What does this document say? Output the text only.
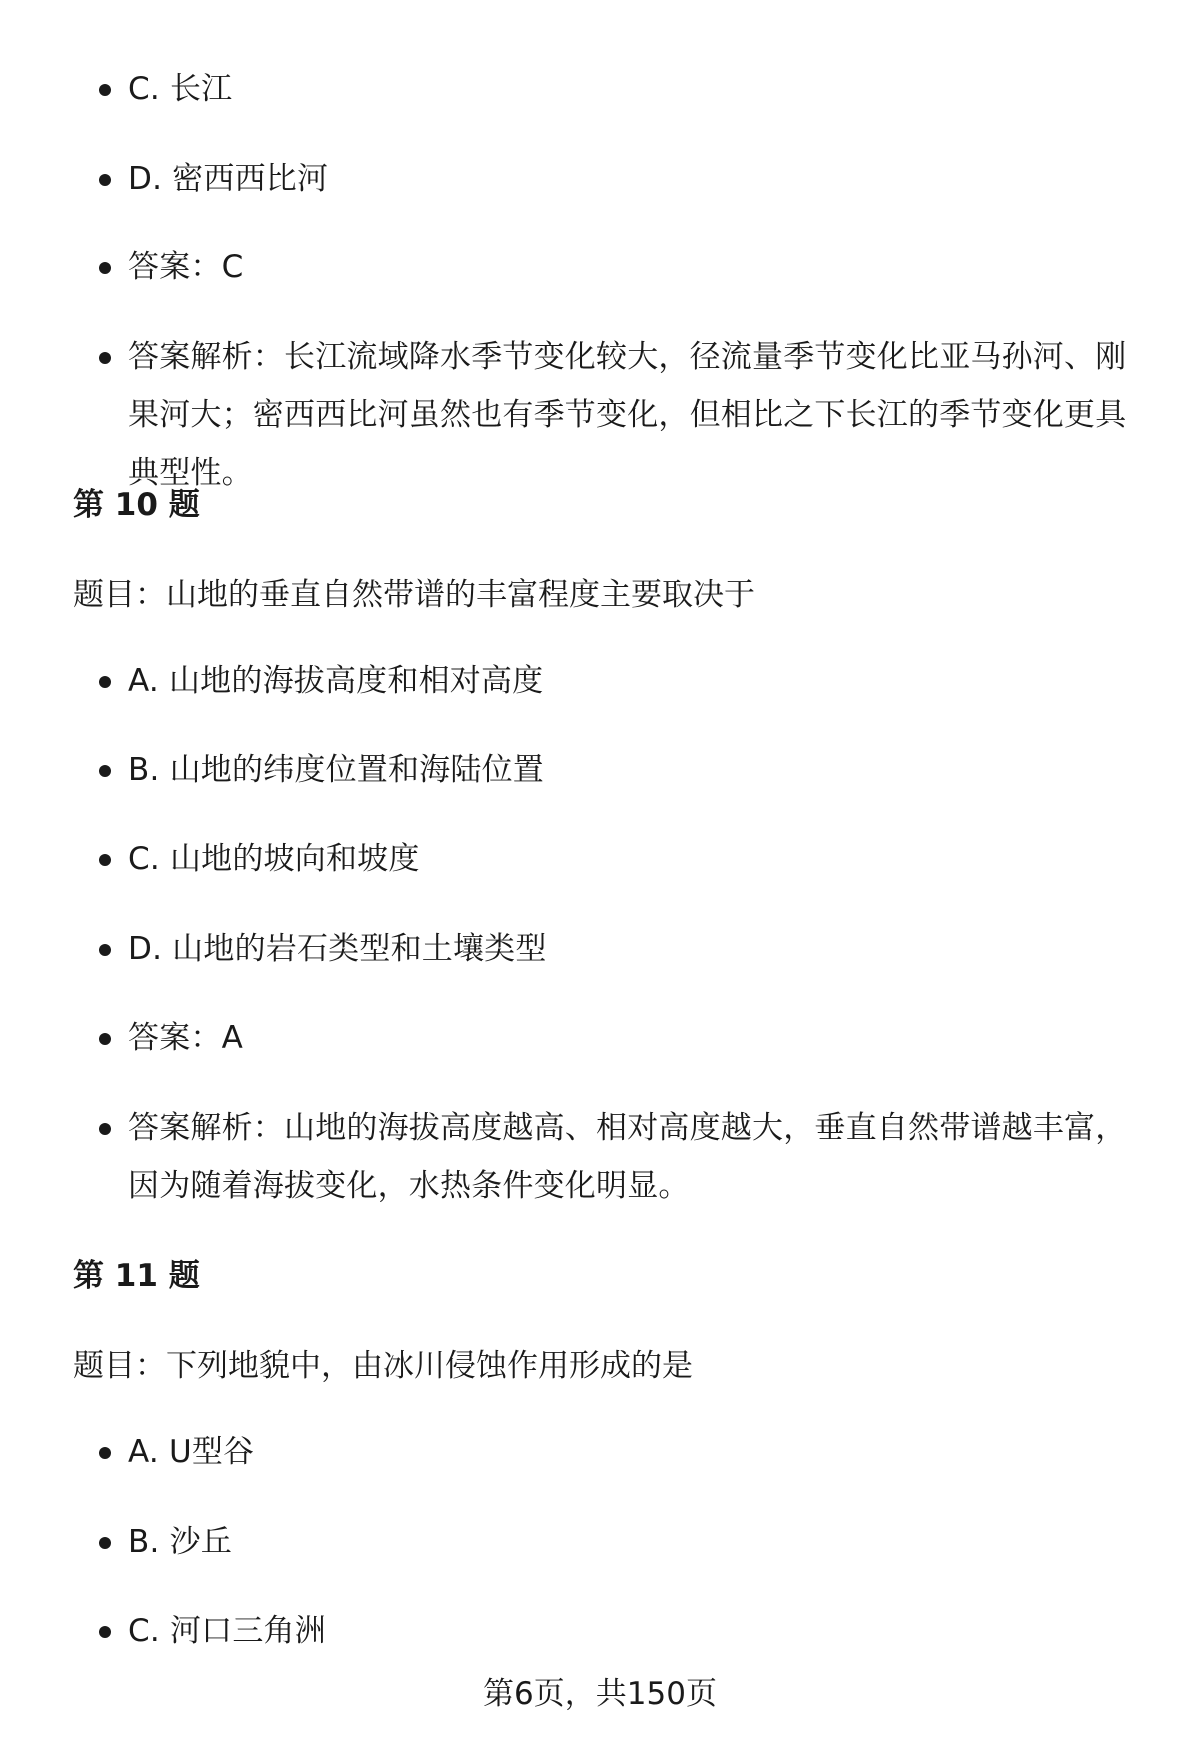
C. 长江
D. 密西西比河
答案：C
答案解析：长江流域降水季节变化较大，径流量季节变化比亚马孙河、刚果河大；密西西比河虽然也有季节变化，但相比之下长江的季节变化更具典型性。
第 10 题

题目：山地的垂直自然带谱的丰富程度主要取决于

A. 山地的海拔高度和相对高度
B. 山地的纬度位置和海陆位置
C. 山地的坡向和坡度
D. 山地的岩石类型和土壤类型
答案：A
答案解析：山地的海拔高度越高、相对高度越大，垂直自然带谱越丰富，因为随着海拔变化，水热条件变化明显。
第 11 题

题目：下列地貌中，由冰川侵蚀作用形成的是

A. U型谷
B. 沙丘
C. 河口三角洲
第6页，共150页
